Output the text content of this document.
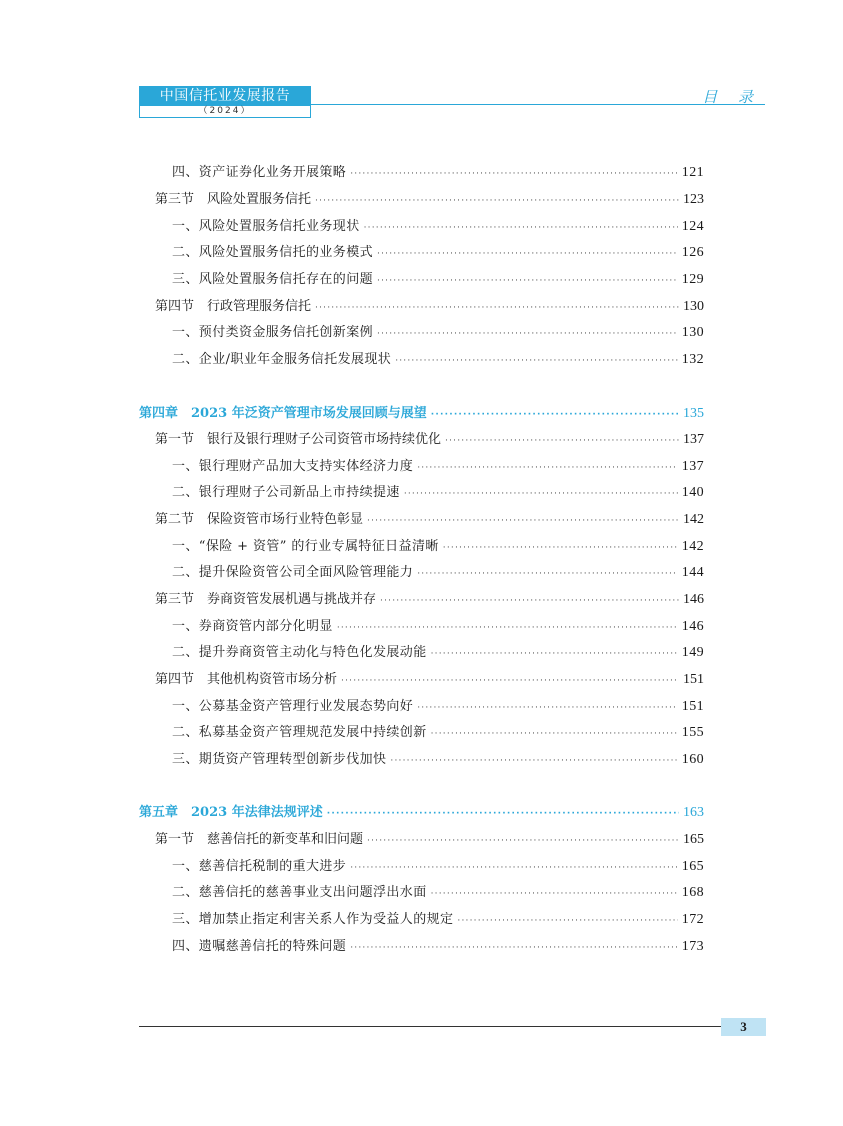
中国信托业发展报告
（2024）
目 录
四、资产证券化业务开展策略 ·····	121
第三节　风险处置服务信托 ·····	123
一、风险处置服务信托业务现状 ·····	124
二、风险处置服务信托的业务模式 ·····	126
三、风险处置服务信托存在的问题 ·····	129
第四节　行政管理服务信托 ·····	130
一、预付类资金服务信托创新案例 ·····	130
二、企业/职业年金服务信托发展现状 ·····	132
第四章　2023 年泛资产管理市场发展回顾与展望 ·····	135
第一节　银行及银行理财子公司资管市场持续优化 ·····	137
一、银行理财产品加大支持实体经济力度 ·····	137
二、银行理财子公司新品上市持续提速 ·····	140
第二节　保险资管市场行业特色彰显 ·····	142
一、“保险 + 资管” 的行业专属特征日益清晰 ·····	142
二、提升保险资管公司全面风险管理能力 ·····	144
第三节　券商资管发展机遇与挑战并存 ·····	146
一、券商资管内部分化明显 ·····	146
二、提升券商资管主动化与特色化发展动能 ·····	149
第四节　其他机构资管市场分析 ·····	151
一、公募基金资产管理行业发展态势向好 ·····	151
二、私募基金资产管理规范发展中持续创新 ·····	155
三、期货资产管理转型创新步伐加快 ·····	160
第五章　2023 年法律法规评述 ·····	163
第一节　慈善信托的新变革和旧问题 ·····	165
一、慈善信托税制的重大进步 ·····	165
二、慈善信托的慈善事业支出问题浮出水面 ·····	168
三、增加禁止指定利害关系人作为受益人的规定 ·····	172
四、遗嘱慈善信托的特殊问题 ·····	173
3
